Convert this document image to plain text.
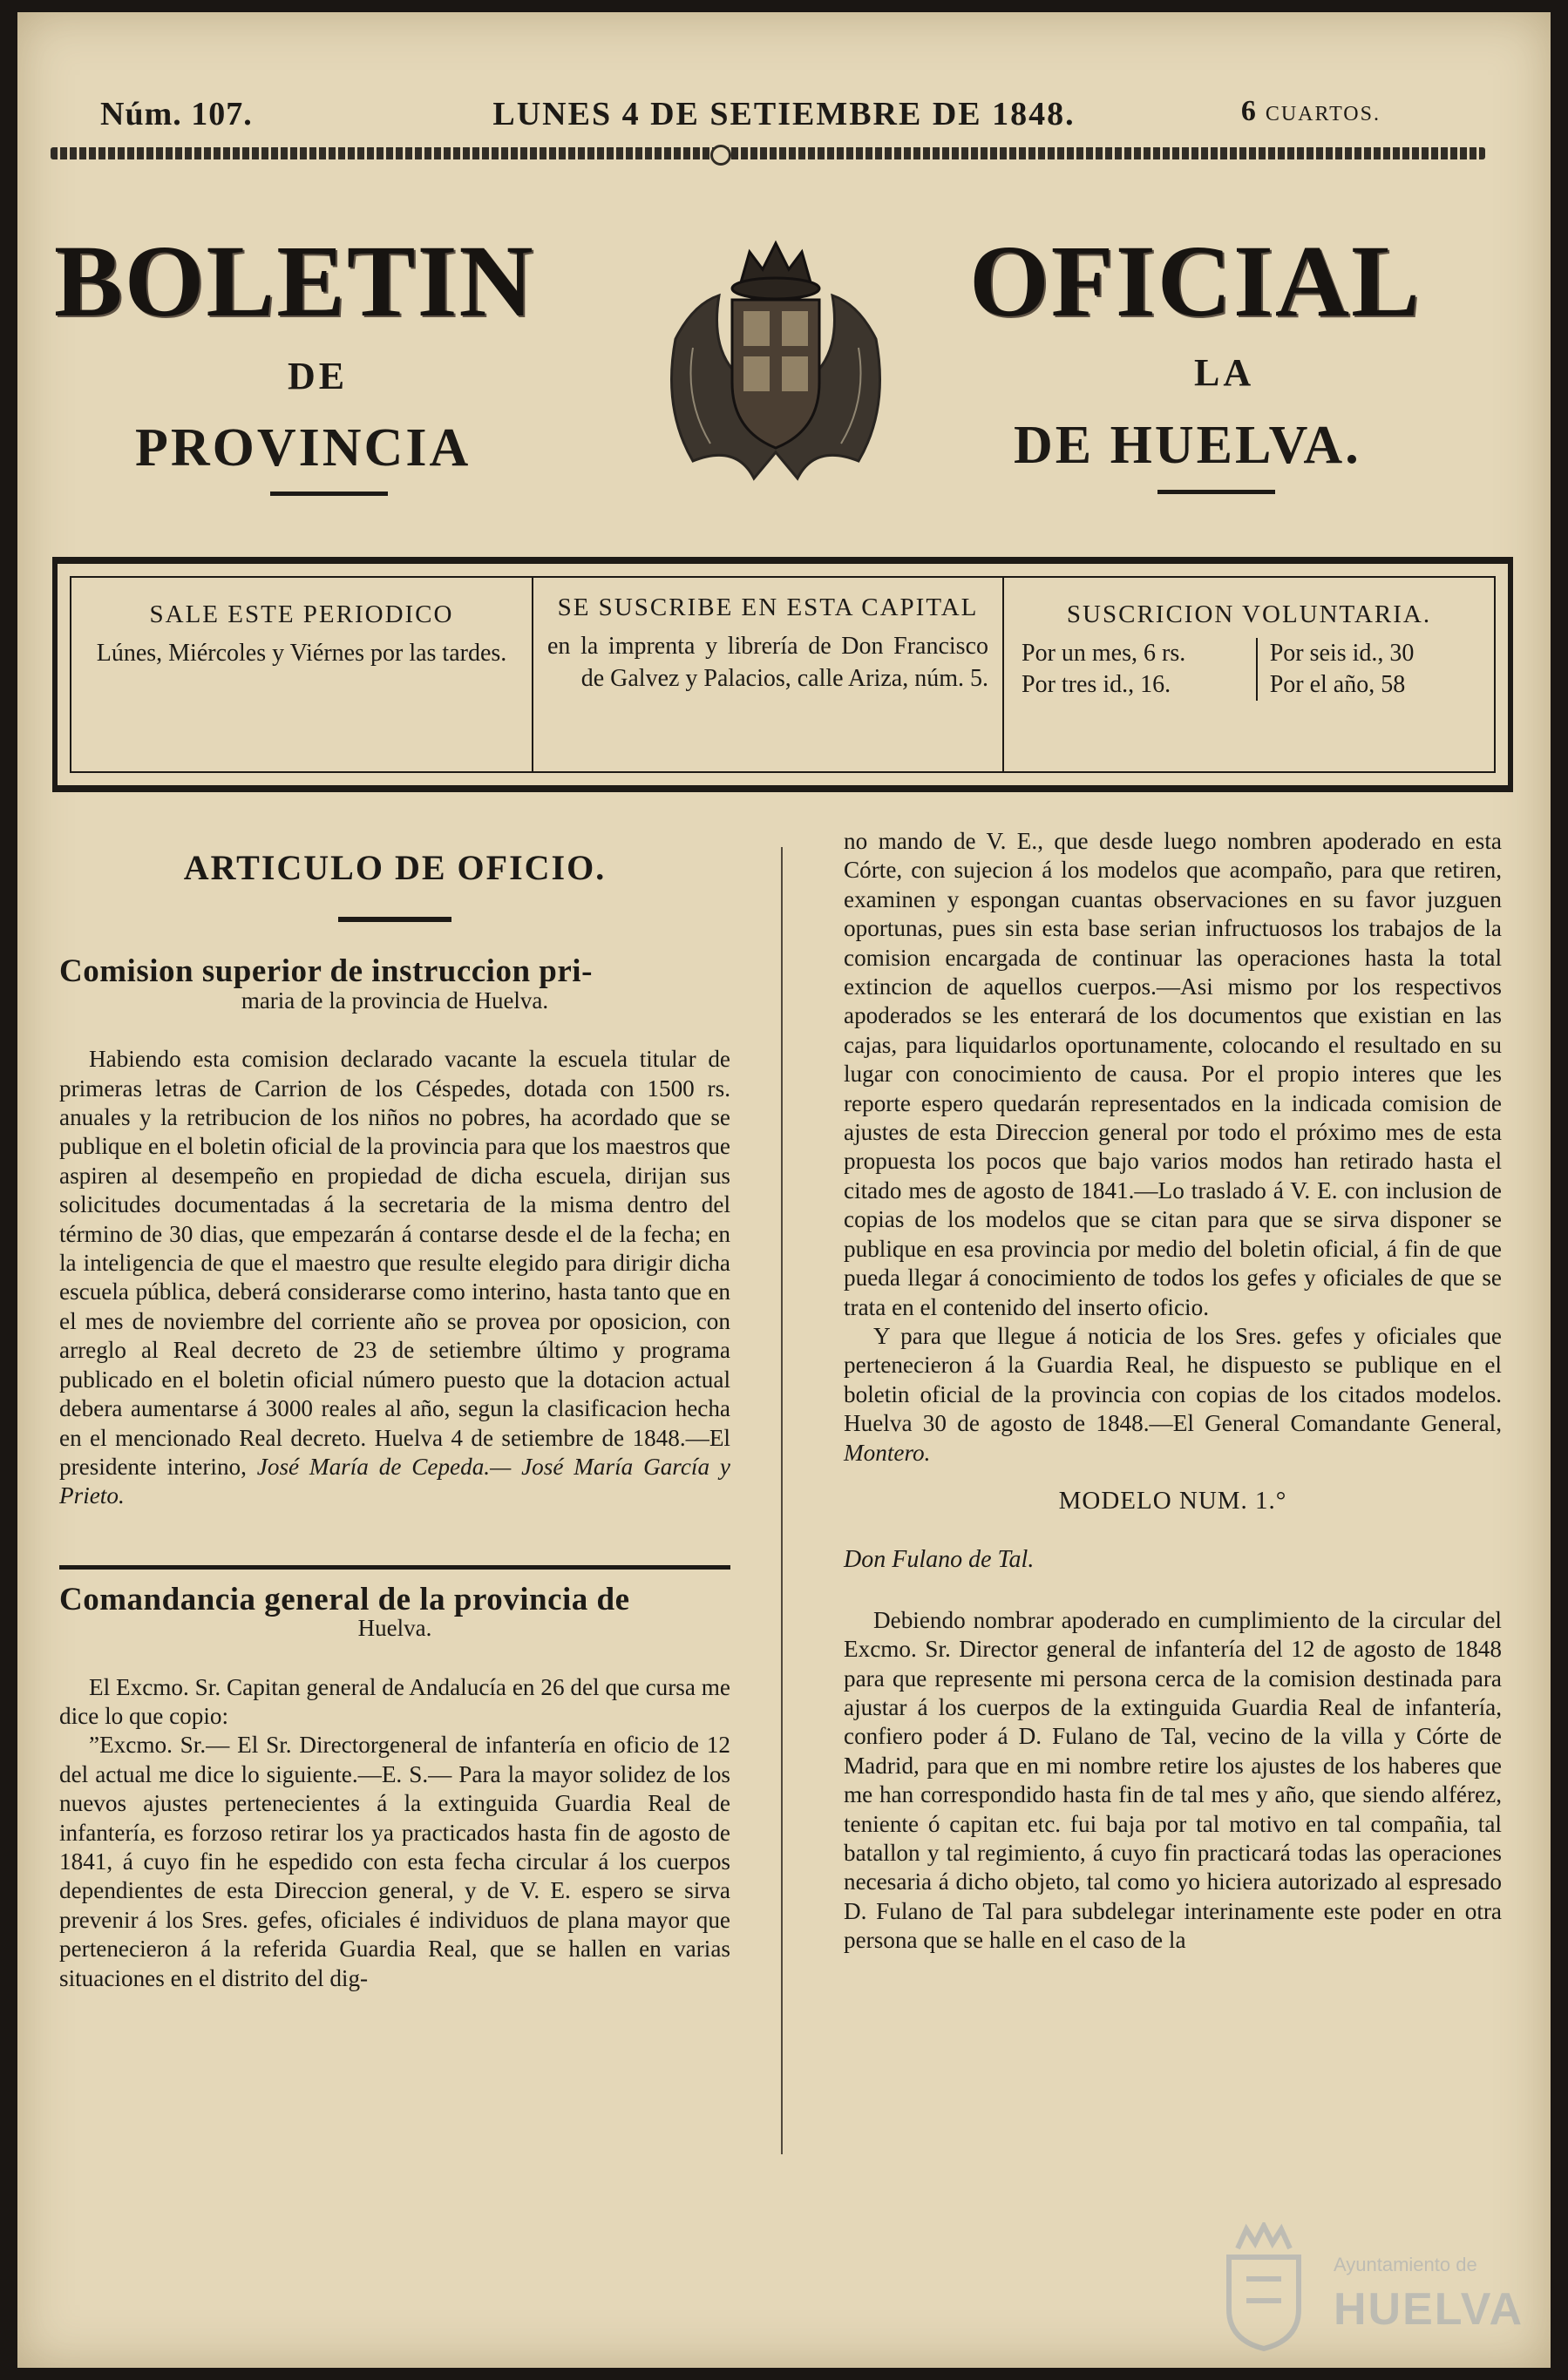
Núm. 107.	LUNES 4 DE SETIEMBRE DE 1848.	6 CUARTOS.
BOLETIN
DE
PROVINCIA
OFICIAL
LA
DE HUELVA.
SALE ESTE PERIODICO

Lúnes, Miércoles y Viérnes por las tardes.

SE SUSCRIBE EN ESTA CAPITAL

en la imprenta y librería de Don Francisco de Galvez y Palacios, calle Ariza, núm. 5.

SUSCRICION VOLUNTARIA.
Por un mes, 6 rs.	Por seis id., 30
Por tres id., 16.	Por el año, 58

ARTICULO DE OFICIO.

Comision superior de instruccion pri-

maria de la provincia de Huelva.

Habiendo esta comision declarado vacante la escuela titular de primeras letras de Carrion de los Céspedes, dotada con 1500 rs. anuales y la retribucion de los niños no pobres, ha acordado que se publique en el boletin oficial de la provincia para que los maestros que aspiren al desempeño en propiedad de dicha escuela, dirijan sus solicitudes documentadas á la secretaria de la misma dentro del término de 30 dias, que empezarán á contarse desde el de la fecha; en la inteligencia de que el maestro que resulte elegido para dirigir dicha escuela pública, deberá considerarse como interino, hasta tanto que en el mes de noviembre del corriente año se provea por oposicion, con arreglo al Real decreto de 23 de setiembre último y programa publicado en el boletin oficial número puesto que la dotacion actual debera aumentarse á 3000 reales al año, segun la clasificacion hecha en el mencionado Real decreto. Huelva 4 de setiembre de 1848.—El presidente interino, José María de Cepeda.— José María García y Prieto.

Comandancia general de la provincia de

Huelva.

El Excmo. Sr. Capitan general de Andalucía en 26 del que cursa me dice lo que copio:

”Excmo. Sr.— El Sr. Directorgeneral de infantería en oficio de 12 del actual me dice lo siguiente.—E. S.— Para la mayor solidez de los nuevos ajustes pertenecientes á la extinguida Guardia Real de infantería, es forzoso retirar los ya practicados hasta fin de agosto de 1841, á cuyo fin he espedido con esta fecha circular á los cuerpos dependientes de esta Direccion general, y de V. E. espero se sirva prevenir á los Sres. gefes, oficiales é individuos de plana mayor que pertenecieron á la referida Guardia Real, que se hallen en varias situaciones en el distrito del dig-

no mando de V. E., que desde luego nombren apoderado en esta Córte, con sujecion á los modelos que acompaño, para que retiren, examinen y espongan cuantas observaciones en su favor juzguen oportunas, pues sin esta base serian infructuosos los trabajos de la comision encargada de continuar las operaciones hasta la total extincion de aquellos cuerpos.—Asi mismo por los respectivos apoderados se les enterará de los documentos que existian en las cajas, para liquidarlos oportunamente, colocando el resultado en su lugar con conocimiento de causa. Por el propio interes que les reporte espero quedarán representados en la indicada comision de ajustes de esta Direccion general por todo el próximo mes de esta propuesta los pocos que bajo varios modos han retirado hasta el citado mes de agosto de 1841.—Lo traslado á V. E. con inclusion de copias de los modelos que se citan para que se sirva disponer se publique en esa provincia por medio del boletin oficial, á fin de que pueda llegar á conocimiento de todos los gefes y oficiales de que se trata en el contenido del inserto oficio.

Y para que llegue á noticia de los Sres. gefes y oficiales que pertenecieron á la Guardia Real, he dispuesto se publique en el boletin oficial de la provincia con copias de los citados modelos. Huelva 30 de agosto de 1848.—El General Comandante General, Montero.

MODELO NUM. 1.°

Don Fulano de Tal.

Debiendo nombrar apoderado en cumplimiento de la circular del Excmo. Sr. Director general de infantería del 12 de agosto de 1848 para que represente mi persona cerca de la comision destinada para ajustar á los cuerpos de la extinguida Guardia Real de infantería, confiero poder á D. Fulano de Tal, vecino de la villa y Córte de Madrid, para que en mi nombre retire los ajustes de los haberes que me han correspondido hasta fin de tal mes y año, que siendo alférez, teniente ó capitan etc. fui baja por tal motivo en tal compañia, tal batallon y tal regimiento, á cuyo fin practicará todas las operaciones necesaria á dicho objeto, tal como yo hiciera autorizado al espresado D. Fulano de Tal para subdelegar interinamente este poder en otra persona que se halle en el caso de la

Ayuntamiento de
HUELVA
